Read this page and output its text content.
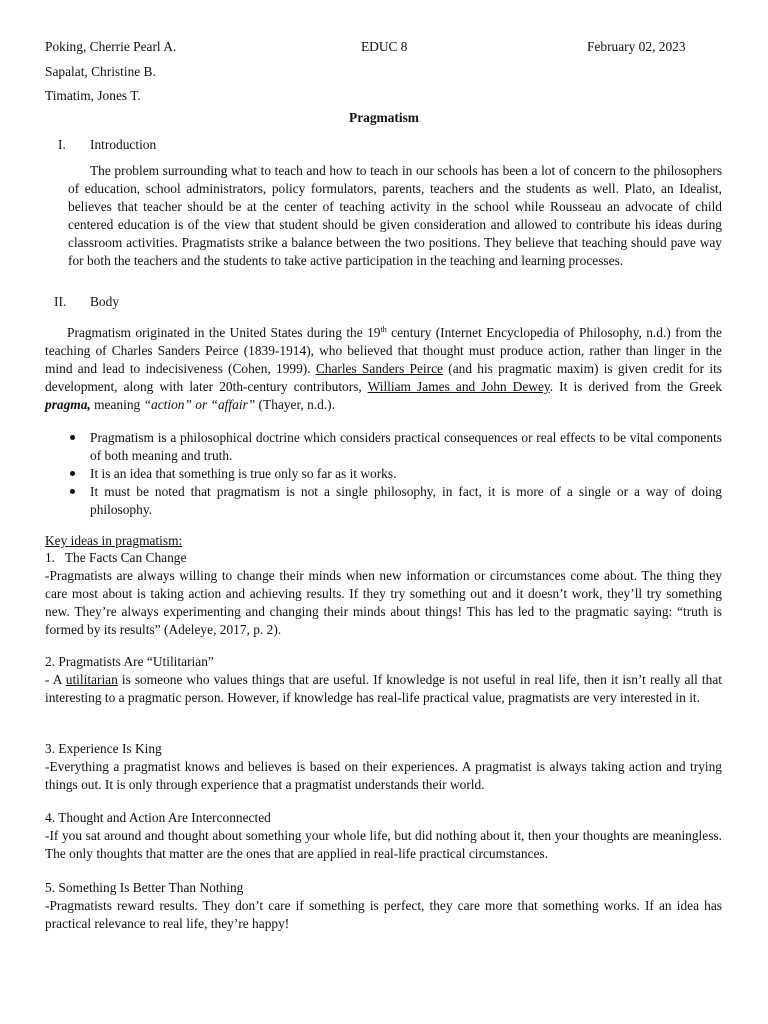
Poking, Cherrie Pearl A.	EDUC 8	February 02, 2023
Sapalat, Christine B.
Timatim, Jones T.
Pragmatism
I. Introduction
The problem surrounding what to teach and how to teach in our schools has been a lot of concern to the philosophers of education, school administrators, policy formulators, parents, teachers and the students as well. Plato, an Idealist, believes that teacher should be at the center of teaching activity in the school while Rousseau an advocate of child centered education is of the view that student should be given consideration and allowed to contribute his ideas during classroom activities. Pragmatists strike a balance between the two positions. They believe that teaching should pave way for both the teachers and the students to take active participation in the teaching and learning processes.
II. Body
Pragmatism originated in the United States during the 19th century (Internet Encyclopedia of Philosophy, n.d.) from the teaching of Charles Sanders Peirce (1839-1914), who believed that thought must produce action, rather than linger in the mind and lead to indecisiveness (Cohen, 1999). Charles Sanders Peirce (and his pragmatic maxim) is given credit for its development, along with later 20th-century contributors, William James and John Dewey. It is derived from the Greek pragma, meaning “action” or “affair” (Thayer, n.d.).
Pragmatism is a philosophical doctrine which considers practical consequences or real effects to be vital components of both meaning and truth.
It is an idea that something is true only so far as it works.
It must be noted that pragmatism is not a single philosophy, in fact, it is more of a single or a way of doing philosophy.
Key ideas in pragmatism:

1.   The Facts Can Change

-Pragmatists are always willing to change their minds when new information or circumstances come about. The thing they care most about is taking action and achieving results. If they try something out and it doesn’t work, they’ll try something new. They’re always experimenting and changing their minds about things! This has led to the pragmatic saying: “truth is formed by its results” (Adeleye, 2017, p. 2).

2. Pragmatists Are “Utilitarian”

- A utilitarian is someone who values things that are useful. If knowledge is not useful in real life, then it isn’t really all that interesting to a pragmatic person. However, if knowledge has real-life practical value, pragmatists are very interested in it.

3. Experience Is King

-Everything a pragmatist knows and believes is based on their experiences. A pragmatist is always taking action and trying things out. It is only through experience that a pragmatist understands their world.

4. Thought and Action Are Interconnected

-If you sat around and thought about something your whole life, but did nothing about it, then your thoughts are meaningless. The only thoughts that matter are the ones that are applied in real-life practical circumstances.

5. Something Is Better Than Nothing

-Pragmatists reward results. They don’t care if something is perfect, they care more that something works. If an idea has practical relevance to real life, they’re happy!
